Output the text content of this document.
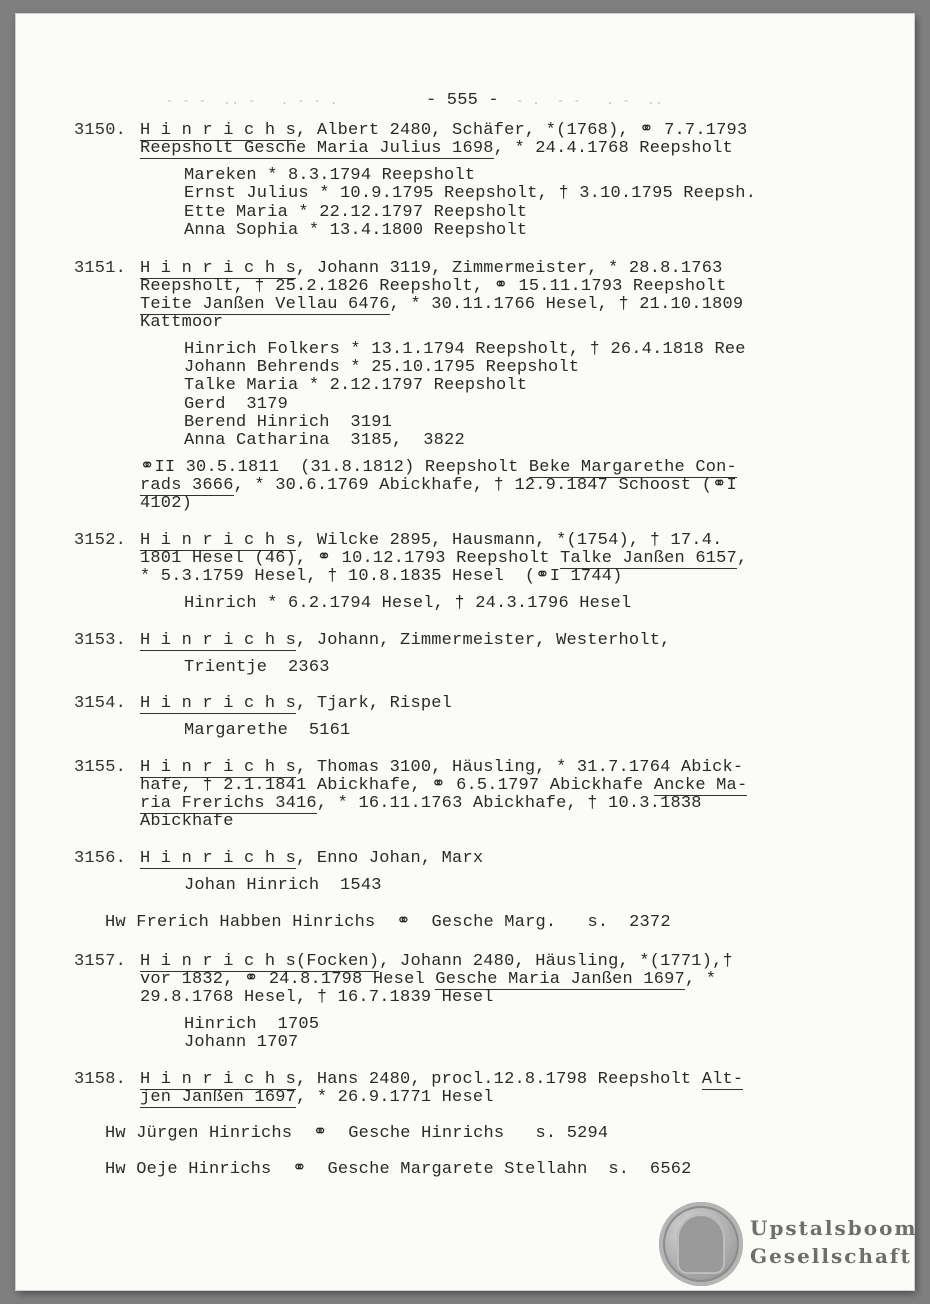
- - -  .. -   . - - .	- 555 - - .  - -   . -  ..
3150. H i n r i c h s, Albert 2480, Schäfer, *(1768), ⚭ 7.7.1793
Reepsholt Gesche Maria Julius 1698, * 24.4.1768 Reepsholt
Mareken * 8.3.1794 Reepsholt
Ernst Julius * 10.9.1795 Reepsholt, † 3.10.1795 Reepsh.
Ette Maria * 22.12.1797 Reepsholt
Anna Sophia * 13.4.1800 Reepsholt
3151. H i n r i c h s, Johann 3119, Zimmermeister, * 28.8.1763
Reepsholt, † 25.2.1826 Reepsholt, ⚭ 15.11.1793 Reepsholt
Teite Janßen Vellau 6476, * 30.11.1766 Hesel, † 21.10.1809
Kattmoor
Hinrich Folkers * 13.1.1794 Reepsholt, † 26.4.1818 Ree
Johann Behrends * 25.10.1795 Reepsholt
Talke Maria * 2.12.1797 Reepsholt
Gerd  3179
Berend Hinrich  3191
Anna Catharina  3185,  3822
⚭II 30.5.1811  (31.8.1812) Reepsholt Beke Margarethe Con-
rads 3666, * 30.6.1769 Abickhafe, † 12.9.1847 Schoost (⚭I
4102)
3152. H i n r i c h s, Wilcke 2895, Hausmann, *(1754), † 17.4.
1801 Hesel (46), ⚭ 10.12.1793 Reepsholt Talke Janßen 6157,
* 5.3.1759 Hesel, † 10.8.1835 Hesel  (⚭I 1744)
Hinrich * 6.2.1794 Hesel, † 24.3.1796 Hesel
3153. H i n r i c h s, Johann, Zimmermeister, Westerholt,
Trientje  2363
3154. H i n r i c h s, Tjark, Rispel
Margarethe  5161
3155. H i n r i c h s, Thomas 3100, Häusling, * 31.7.1764 Abick-
hafe, † 2.1.1841 Abickhafe, ⚭ 6.5.1797 Abickhafe Ancke Ma-
ria Frerichs 3416, * 16.11.1763 Abickhafe, † 10.3.1838
Abickhafe
3156. H i n r i c h s, Enno Johan, Marx
Johan Hinrich  1543
Hw Frerich Habben Hinrichs  ⚭  Gesche Marg.   s.  2372
3157. H i n r i c h s(Focken), Johann 2480, Häusling, *(1771),†
vor 1832, ⚭ 24.8.1798 Hesel Gesche Maria Janßen 1697, *
29.8.1768 Hesel, † 16.7.1839 Hesel
Hinrich  1705
Johann 1707
3158. H i n r i c h s, Hans 2480, procl.12.8.1798 Reepsholt Alt-
jen Janßen 1697, * 26.9.1771 Hesel
Hw Jürgen Hinrichs  ⚭  Gesche Hinrichs   s. 5294
Hw Oeje Hinrichs  ⚭  Gesche Margarete Stellahn  s.  6562
Upstalsboom
Gesellschaft
